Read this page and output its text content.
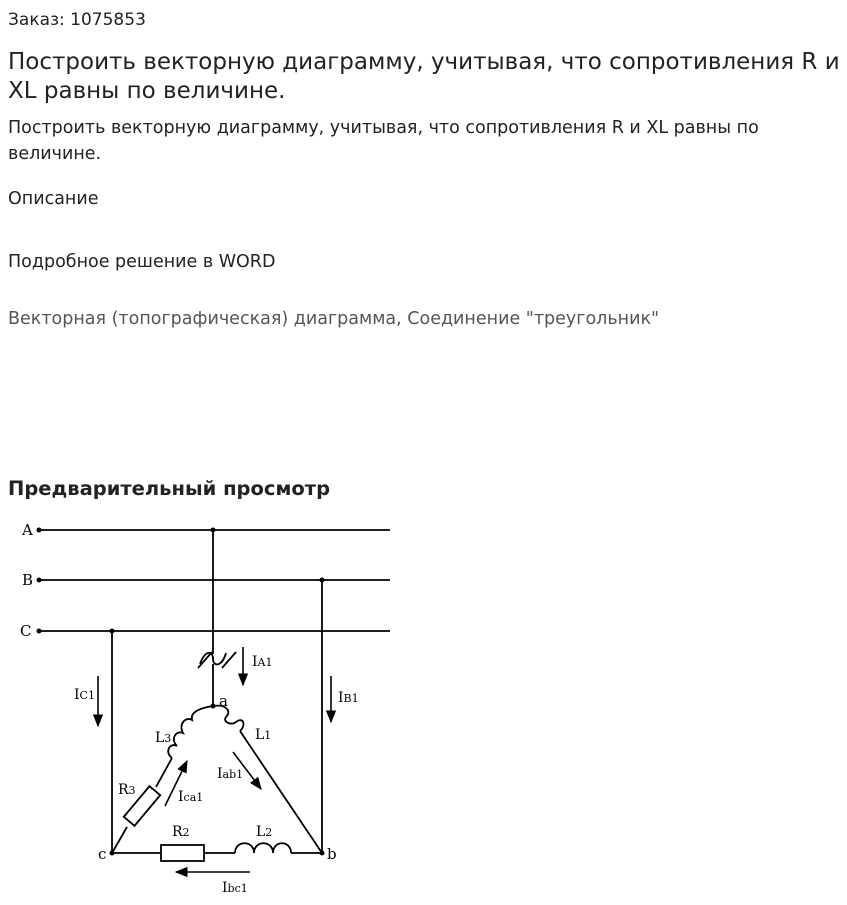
Заказ: 1075853
Построить векторную диаграмму, учитывая, что сопротивления R и XL равны по величине.
Построить векторную диаграмму, учитывая, что сопротивления R и XL равны по величине.
Описание
Подробное решение в WORD
Векторная (топографическая) диаграмма, Соединение "треугольник"
Предварительный просмотр
A
B
C
a
b
c
IA1
IB1
IC1
Iab1
Ica1
Ibc1
L1
L2
L3
R2
R3
